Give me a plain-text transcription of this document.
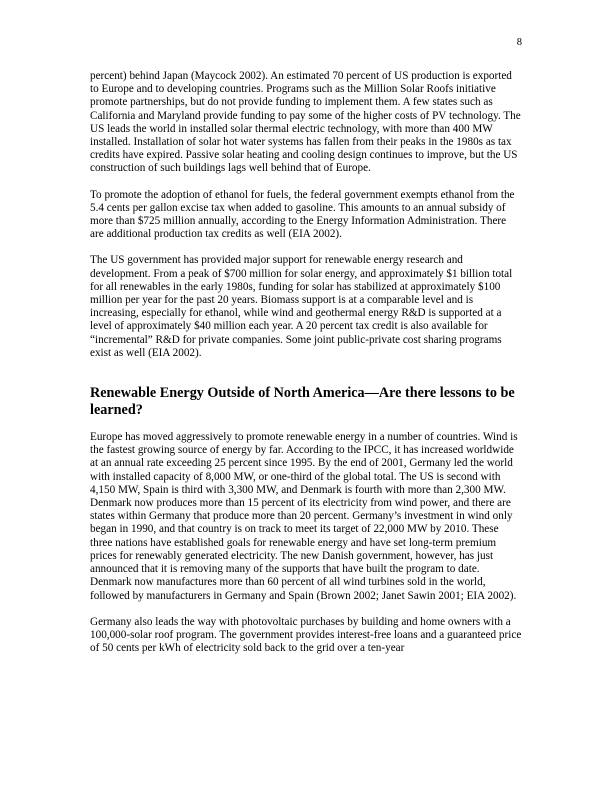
8

percent) behind Japan (Maycock 2002). An estimated 70 percent of US production is exported to Europe and to developing countries. Programs such as the Million Solar Roofs initiative promote partnerships, but do not provide funding to implement them. A few states such as California and Maryland provide funding to pay some of the higher costs of PV technology. The US leads the world in installed solar thermal electric technology, with more than 400 MW installed. Installation of solar hot water systems has fallen from their peaks in the 1980s as tax credits have expired. Passive solar heating and cooling design continues to improve, but the US construction of such buildings lags well behind that of Europe.

To promote the adoption of ethanol for fuels, the federal government exempts ethanol from the 5.4 cents per gallon excise tax when added to gasoline. This amounts to an annual subsidy of more than $725 million annually, according to the Energy Information Administration. There are additional production tax credits as well (EIA 2002).

The US government has provided major support for renewable energy research and development. From a peak of $700 million for solar energy, and approximately $1 billion total for all renewables in the early 1980s, funding for solar has stabilized at approximately $100 million per year for the past 20 years. Biomass support is at a comparable level and is increasing, especially for ethanol, while wind and geothermal energy R&D is supported at a level of approximately $40 million each year. A 20 percent tax credit is also available for “incremental” R&D for private companies. Some joint public-private cost sharing programs exist as well (EIA 2002).

Renewable Energy Outside of North America—Are there lessons to be learned?

Europe has moved aggressively to promote renewable energy in a number of countries. Wind is the fastest growing source of energy by far. According to the IPCC, it has increased worldwide at an annual rate exceeding 25 percent since 1995. By the end of 2001, Germany led the world with installed capacity of 8,000 MW, or one-third of the global total. The US is second with 4,150 MW, Spain is third with 3,300 MW, and Denmark is fourth with more than 2,300 MW. Denmark now produces more than 15 percent of its electricity from wind power, and there are states within Germany that produce more than 20 percent. Germany’s investment in wind only began in 1990, and that country is on track to meet its target of 22,000 MW by 2010. These three nations have established goals for renewable energy and have set long-term premium prices for renewably generated electricity. The new Danish government, however, has just announced that it is removing many of the supports that have built the program to date. Denmark now manufactures more than 60 percent of all wind turbines sold in the world, followed by manufacturers in Germany and Spain (Brown 2002; Janet Sawin 2001; EIA 2002).

Germany also leads the way with photovoltaic purchases by building and home owners with a 100,000-solar roof program. The government provides interest-free loans and a guaranteed price of 50 cents per kWh of electricity sold back to the grid over a ten-year
